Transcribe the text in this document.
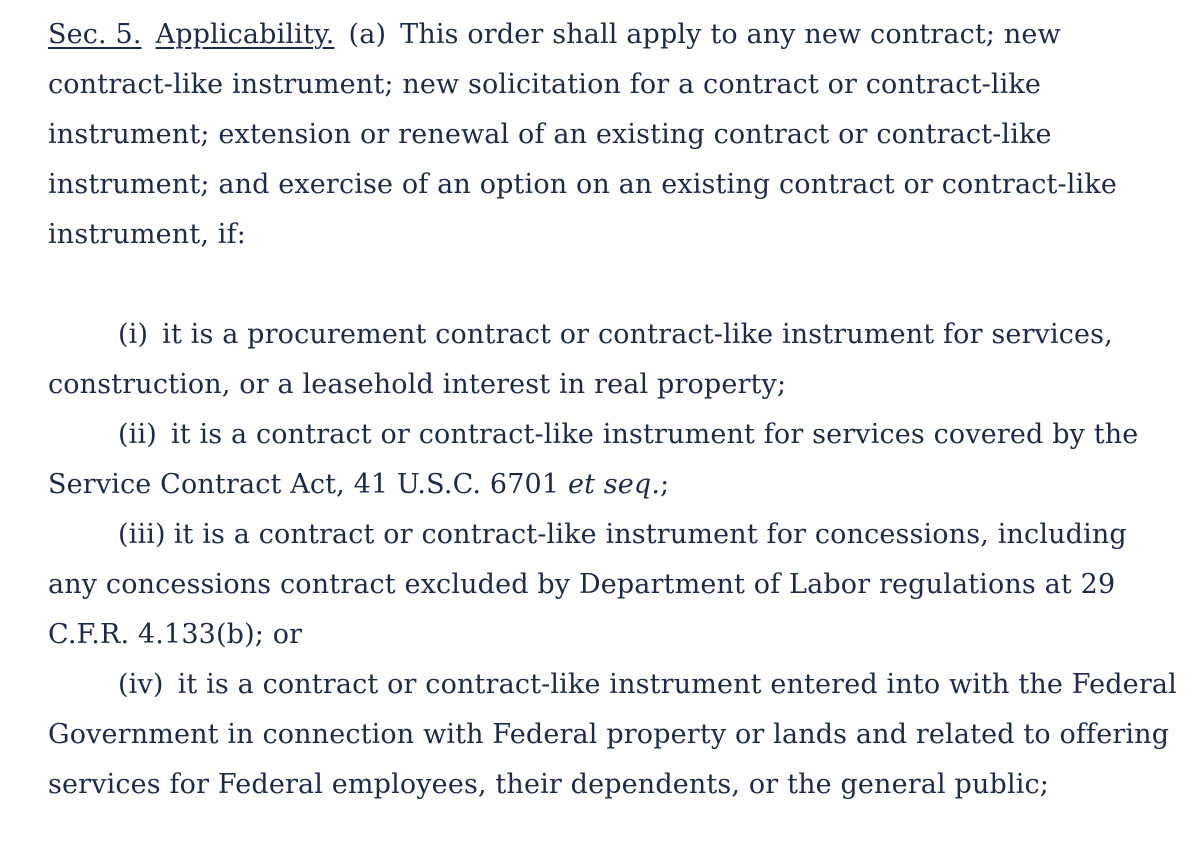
Sec. 5. Applicability. (a) This order shall apply to any new contract; new contract-like instrument; new solicitation for a contract or contract-like instrument; extension or renewal of an existing contract or contract-like instrument; and exercise of an option on an existing contract or contract-like instrument, if:

(i) it is a procurement contract or contract-like instrument for services, construction, or a leasehold interest in real property;

(ii) it is a contract or contract-like instrument for services covered by the Service Contract Act, 41 U.S.C. 6701 et seq.;

(iii) it is a contract or contract-like instrument for concessions, including any concessions contract excluded by Department of Labor regulations at 29 C.F.R. 4.133(b); or

(iv) it is a contract or contract-like instrument entered into with the Federal Government in connection with Federal property or lands and related to offering services for Federal employees, their dependents, or the general public;
